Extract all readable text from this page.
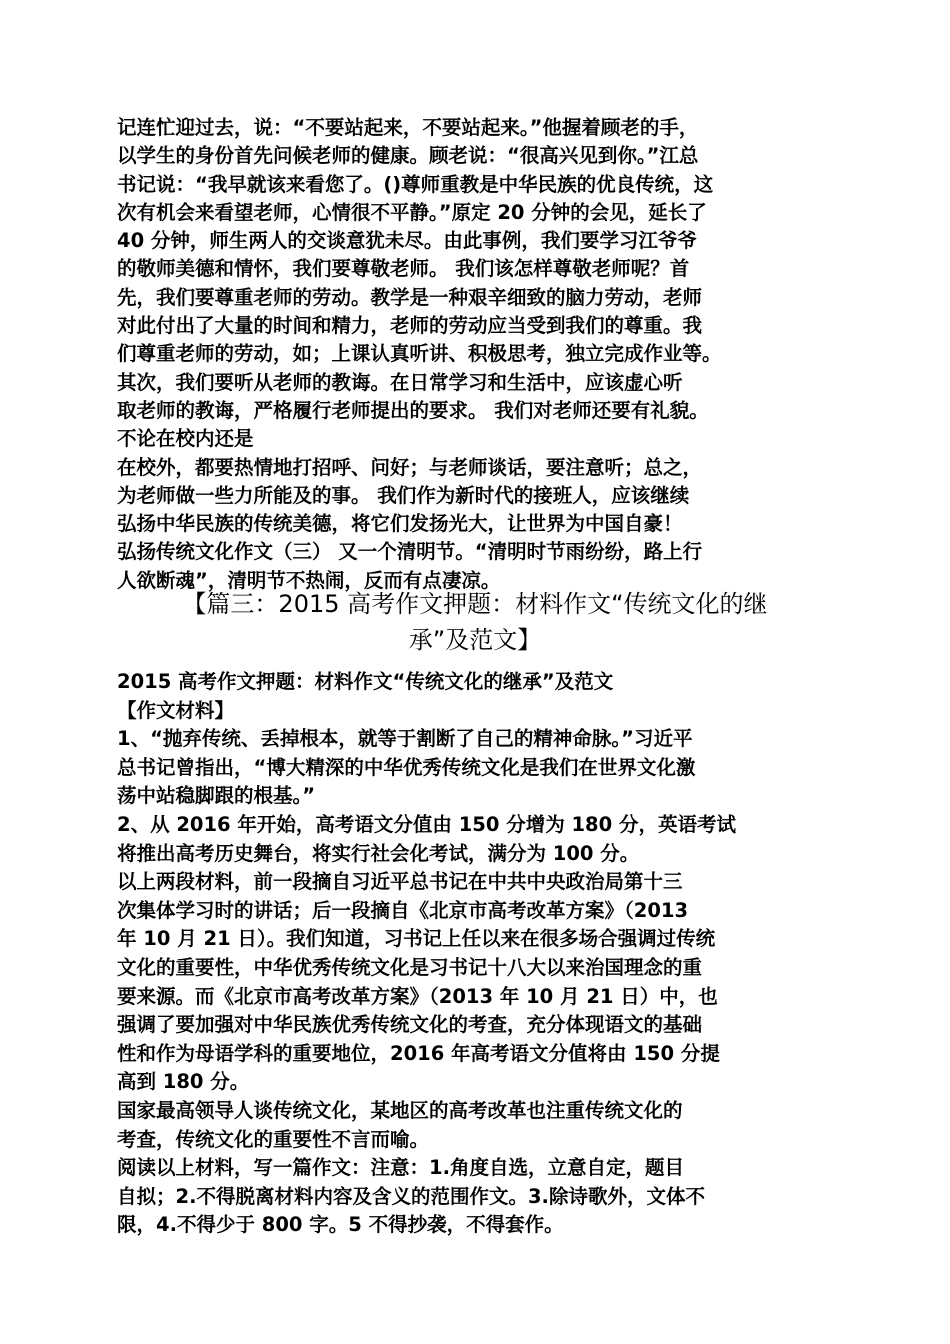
记连忙迎过去，说：“不要站起来，不要站起来。”他握着顾老的手，
以学生的身份首先问候老师的健康。顾老说：“很高兴见到你。”江总
书记说：“我早就该来看您了。()尊师重教是中华民族的优良传统，这
次有机会来看望老师，心情很不平静。”原定 20 分钟的会见，延长了
40 分钟，师生两人的交谈意犹未尽。由此事例，我们要学习江爷爷
的敬师美德和情怀，我们要尊敬老师。 我们该怎样尊敬老师呢？首
先，我们要尊重老师的劳动。教学是一种艰辛细致的脑力劳动，老师
对此付出了大量的时间和精力，老师的劳动应当受到我们的尊重。我
们尊重老师的劳动，如；上课认真听讲、积极思考，独立完成作业等。
其次，我们要听从老师的教诲。在日常学习和生活中，应该虚心听
取老师的教诲，严格履行老师提出的要求。 我们对老师还要有礼貌。
不论在校内还是
在校外，都要热情地打招呼、问好；与老师谈话，要注意听；总之，
为老师做一些力所能及的事。 我们作为新时代的接班人，应该继续
弘扬中华民族的传统美德，将它们发扬光大，让世界为中国自豪！
弘扬传统文化作文（三） 又一个清明节。“清明时节雨纷纷，路上行
人欲断魂”，清明节不热闹，反而有点凄凉。
【篇三：2015 高考作文押题：材料作文“传统文化的继
承”及范文】
2015 高考作文押题：材料作文“传统文化的继承”及范文
【作文材料】
1、“抛弃传统、丢掉根本，就等于割断了自己的精神命脉。”习近平
总书记曾指出，“博大精深的中华优秀传统文化是我们在世界文化激
荡中站稳脚跟的根基。”
2、从 2016 年开始，高考语文分值由 150 分增为 180 分，英语考试
将推出高考历史舞台，将实行社会化考试，满分为 100 分。
以上两段材料，前一段摘自习近平总书记在中共中央政治局第十三
次集体学习时的讲话；后一段摘自《北京市高考改革方案》（2013
年 10 月 21 日）。我们知道，习书记上任以来在很多场合强调过传统
文化的重要性，中华优秀传统文化是习书记十八大以来治国理念的重
要来源。而《北京市高考改革方案》（2013 年 10 月 21 日）中，也
强调了要加强对中华民族优秀传统文化的考查，充分体现语文的基础
性和作为母语学科的重要地位，2016 年高考语文分值将由 150 分提
高到 180 分。
国家最高领导人谈传统文化，某地区的高考改革也注重传统文化的
考查，传统文化的重要性不言而喻。
阅读以上材料，写一篇作文：注意：1.角度自选，立意自定，题目
自拟；2.不得脱离材料内容及含义的范围作文。3.除诗歌外，文体不
限，4.不得少于 800 字。5 不得抄袭，不得套作。
